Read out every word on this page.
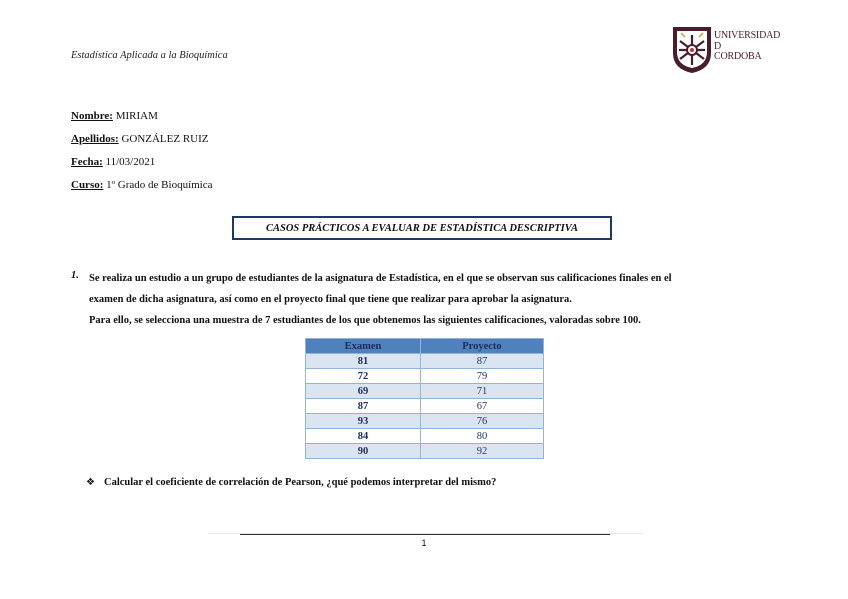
Estadística Aplicada a la Bioquímica
UNIVERSIDAD
D
CORDOBA
Nombre: MIRIAM
Apellidos: GONZÁLEZ RUIZ
Fecha: 11/03/2021
Curso: 1º Grado de Bioquímica
CASOS PRÁCTICOS A EVALUAR DE ESTADÍSTICA DESCRIPTIVA
1. Se realiza un estudio a un grupo de estudiantes de la asignatura de Estadística, en el que se observan sus calificaciones finales en el

examen de dicha asignatura, así como en el proyecto final que tiene que realizar para aprobar la asignatura.

Para ello, se selecciona una muestra de 7 estudiantes de los que obtenemos las siguientes calificaciones, valoradas sobre 100.

Examen	Proyecto
81	87
72	79
69	71
87	67
93	76
84	80
90	92
❖ Calcular el coeficiente de correlación de Pearson, ¿qué podemos interpretar del mismo?
1
